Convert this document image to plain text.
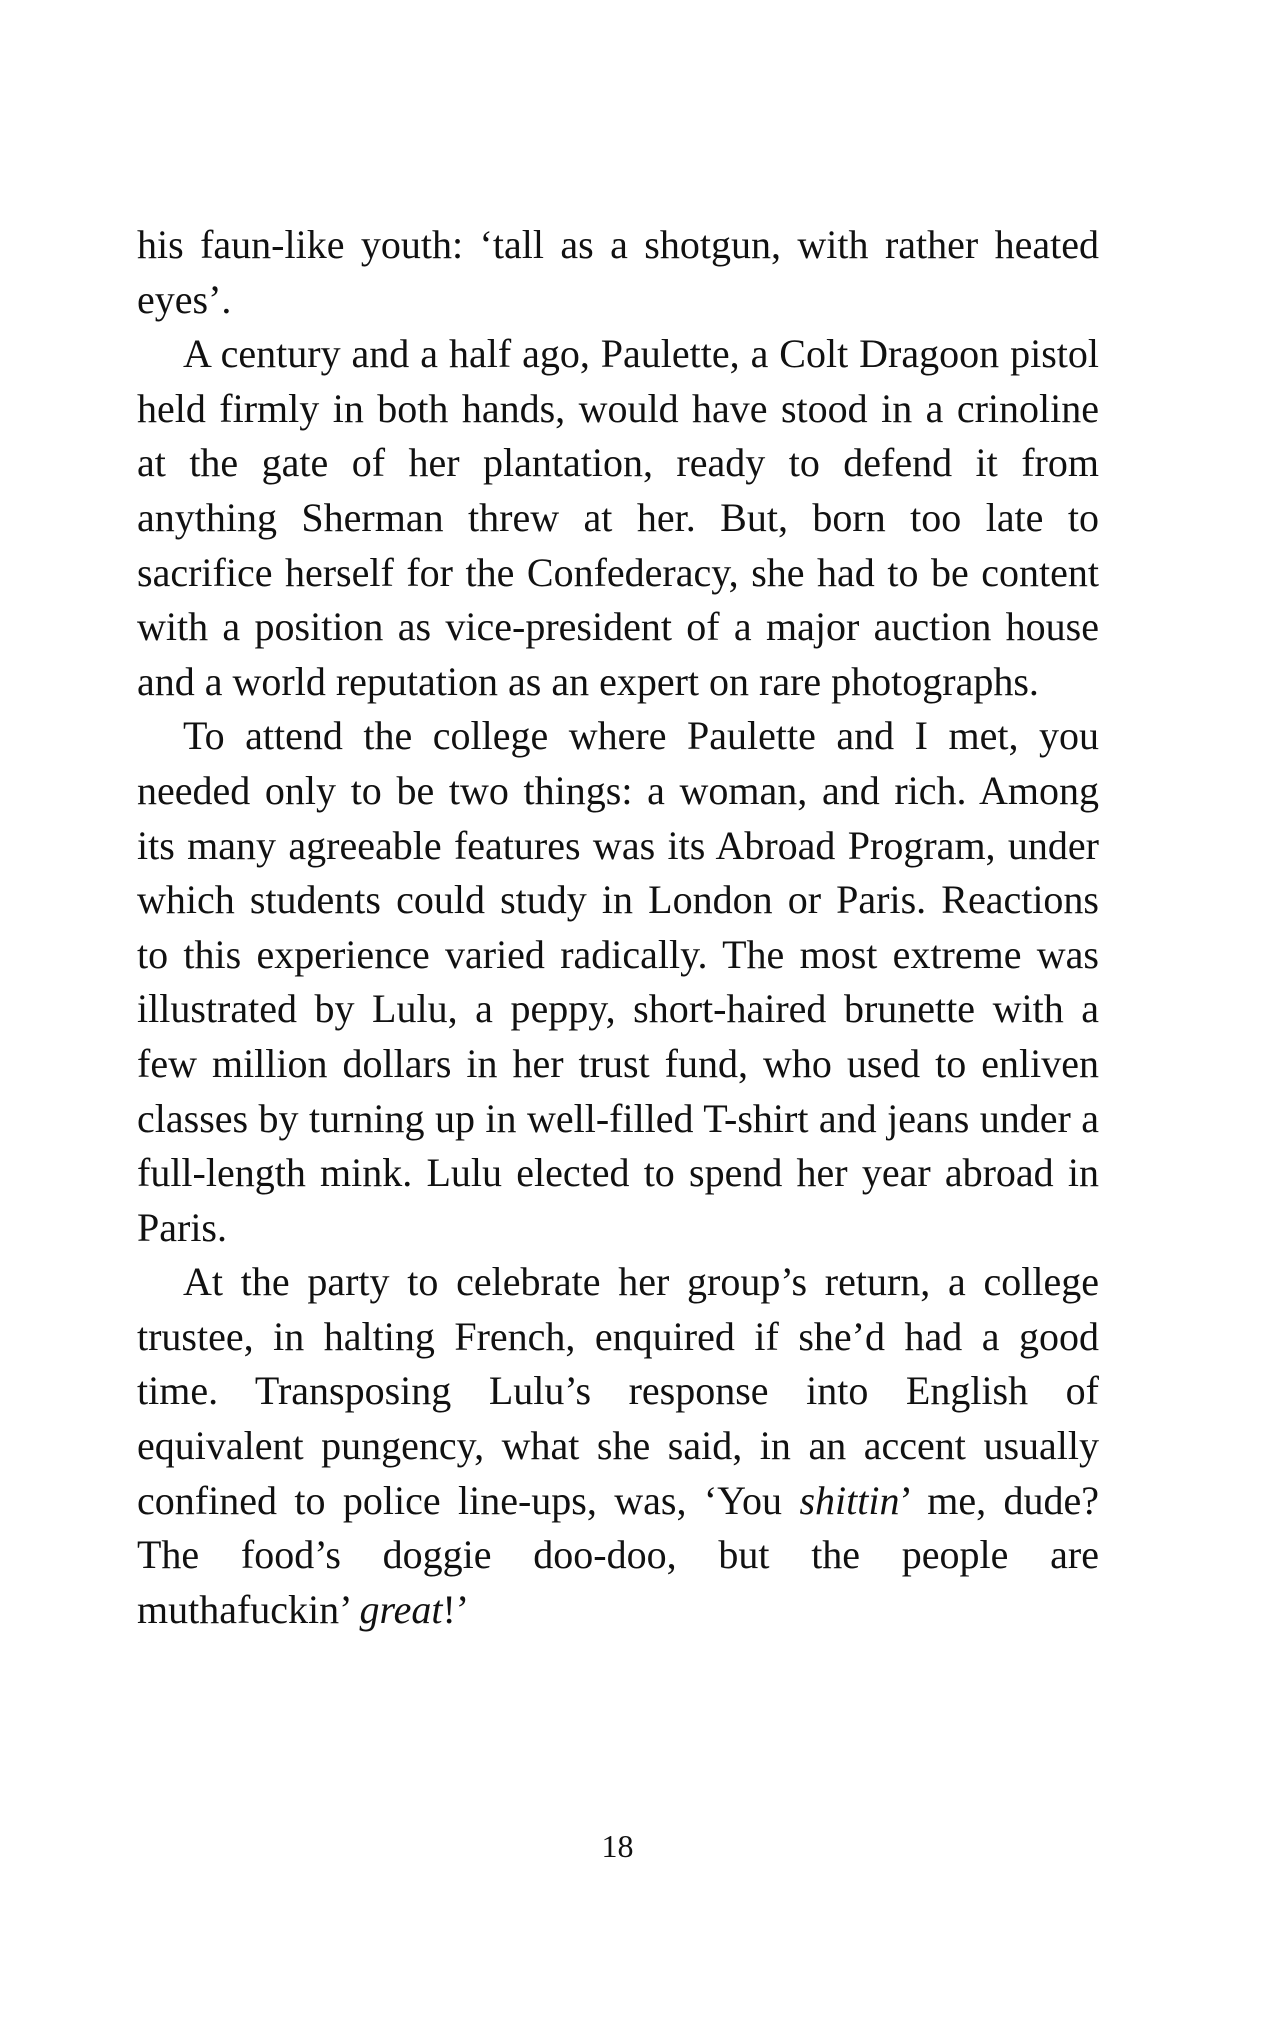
his faun-like youth: ‘tall as a shotgun, with rather heated eyes’.

A century and a half ago, Paulette, a Colt Dragoon pistol held firmly in both hands, would have stood in a crinoline at the gate of her plantation, ready to defend it from anything Sherman threw at her. But, born too late to sacrifice herself for the Confederacy, she had to be content with a position as vice-president of a major auction house and a world reputation as an expert on rare photographs.

To attend the college where Paulette and I met, you needed only to be two things: a woman, and rich. Among its many agreeable features was its Abroad Program, under which students could study in London or Paris. Reactions to this experience varied radically. The most extreme was illustrated by Lulu, a peppy, short-haired brunette with a few million dollars in her trust fund, who used to enliven classes by turning up in well-filled T-shirt and jeans under a full-length mink. Lulu elected to spend her year abroad in Paris.

At the party to celebrate her group’s return, a college trustee, in halting French, enquired if she’d had a good time. Transposing Lulu’s response into English of equivalent pungency, what she said, in an accent usually confined to police line-ups, was, ‘You shittin’ me, dude? The food’s doggie doo-doo, but the people are muthafuckin’ great!’

18
